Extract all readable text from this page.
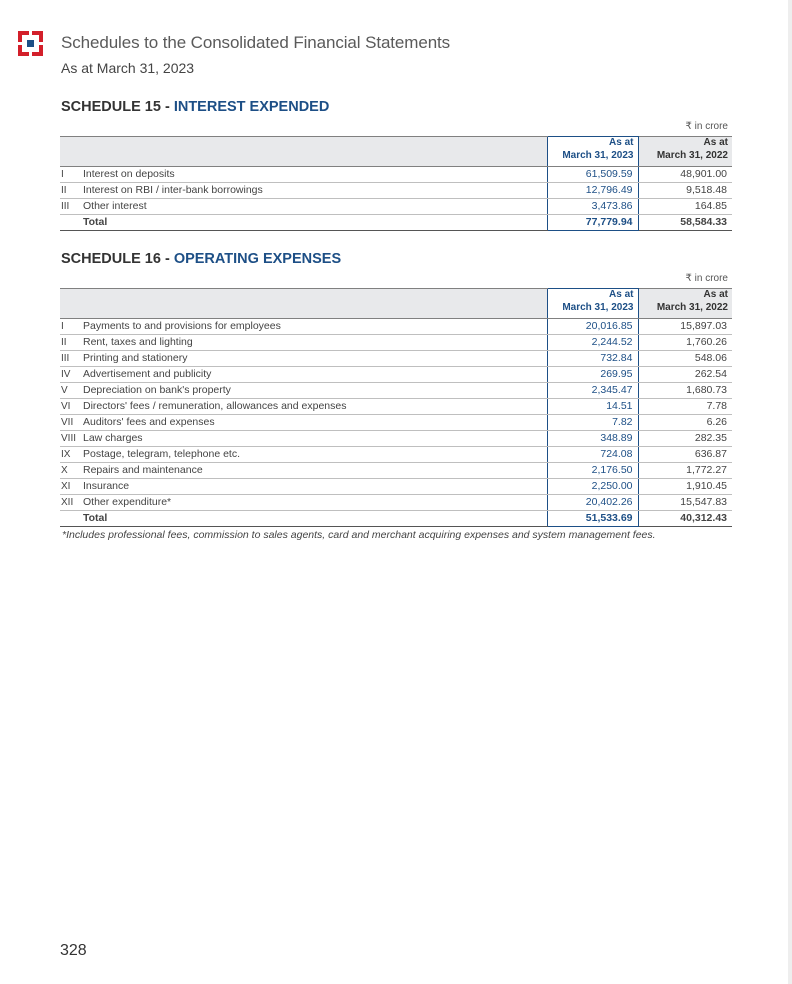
Schedules to the Consolidated Financial Statements
As at March 31, 2023
SCHEDULE 15 - INTEREST EXPENDED
₹ in crore

		As at
March 31, 2023	As at
March 31, 2022

I	Interest on deposits	61,509.59	48,901.00
II	Interest on RBI / inter-bank borrowings	12,796.49	9,518.48
III	Other interest	3,473.86	164.85
	Total	77,779.94	58,584.33
SCHEDULE 16 - OPERATING EXPENSES
₹ in crore

		As at
March 31, 2023	As at
March 31, 2022

I	Payments to and provisions for employees	20,016.85	15,897.03
II	Rent, taxes and lighting	2,244.52	1,760.26
III	Printing and stationery	732.84	548.06
IV	Advertisement and publicity	269.95	262.54
V	Depreciation on bank's property	2,345.47	1,680.73
VI	Directors' fees / remuneration, allowances and expenses	14.51	7.78
VII	Auditors' fees and expenses	7.82	6.26
VIII	Law charges	348.89	282.35
IX	Postage, telegram, telephone etc.	724.08	636.87
X	Repairs and maintenance	2,176.50	1,772.27
XI	Insurance	2,250.00	1,910.45
XII	Other expenditure*	20,402.26	15,547.83
	Total	51,533.69	40,312.43
*Includes professional fees, commission to sales agents, card and merchant acquiring expenses and system management fees.
328
